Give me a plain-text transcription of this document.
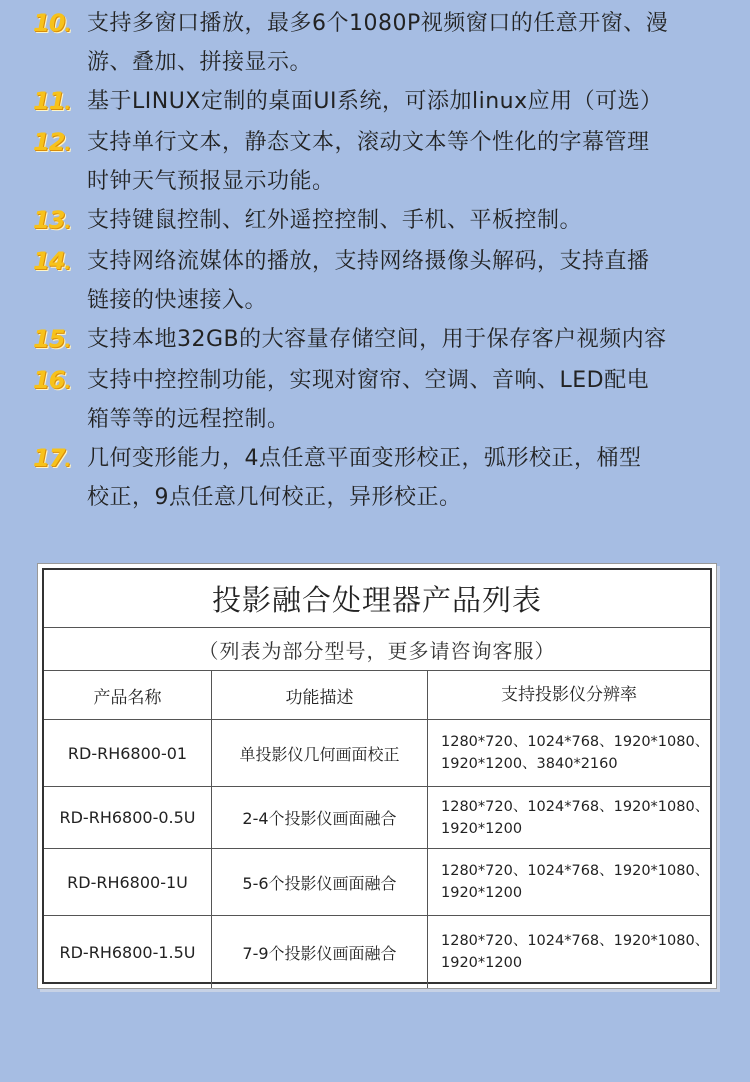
10. 支持多窗口播放，最多6个1080P视频窗口的任意开窗、漫
游、叠加、拼接显示。
11. 基于LINUX定制的桌面UI系统，可添加linux应用（可选）
12. 支持单行文本，静态文本，滚动文本等个性化的字幕管理
时钟天气预报显示功能。
13. 支持键鼠控制、红外遥控控制、手机、平板控制。
14. 支持网络流媒体的播放，支持网络摄像头解码，支持直播
链接的快速接入。
15. 支持本地32GB的大容量存储空间，用于保存客户视频内容
16. 支持中控控制功能，实现对窗帘、空调、音响、LED配电
箱等等的远程控制。
17. 几何变形能力，4点任意平面变形校正，弧形校正，桶型
校正，9点任意几何校正，异形校正。
投影融合处理器产品列表
（列表为部分型号，更多请咨询客服）
产品名称	功能描述	支持投影仪分辨率
RD-RH6800-01	单投影仪几何画面校正
1280*720、1024*768、1920*1080、
1920*1200、3840*2160
RD-RH6800-0.5U	2-4个投影仪画面融合
1280*720、1024*768、1920*1080、
1920*1200
RD-RH6800-1U	5-6个投影仪画面融合
1280*720、1024*768、1920*1080、
1920*1200
RD-RH6800-1.5U	7-9个投影仪画面融合
1280*720、1024*768、1920*1080、
1920*1200
